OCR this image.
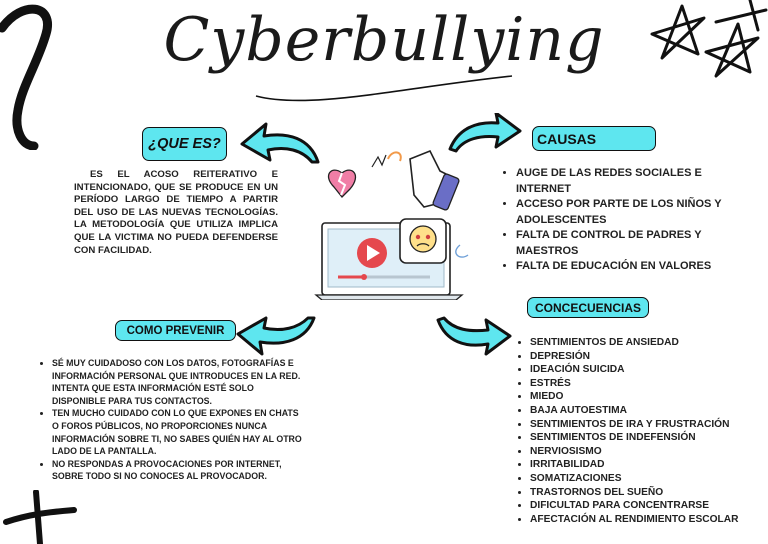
Cyberbullying
¿QUE ES?
ES EL ACOSO REITERATIVO E INTENCIONADO, QUE SE PRODUCE EN UN PERÍODO LARGO DE TIEMPO A PARTIR DEL USO DE LAS NUEVAS TECNOLOGÍAS. LA METODOLOGÍA QUE UTILIZA IMPLICA QUE LA VICTIMA NO PUEDA DEFENDERSE CON FACILIDAD.
CAUSAS
• AUGE DE LAS REDES SOCIALES E INTERNET
• ACCESO POR PARTE DE LOS NIÑOS Y ADOLESCENTES
• FALTA DE CONTROL DE PADRES Y MAESTROS
• FALTA DE EDUCACIÓN EN VALORES
COMO PREVENIR
• SÉ MUY CUIDADOSO CON LOS DATOS, FOTOGRAFÍAS E INFORMACIÓN PERSONAL QUE INTRODUCES EN LA RED. INTENTA QUE ESTA INFORMACIÓN ESTÉ SOLO DISPONIBLE PARA TUS CONTACTOS.
• TEN MUCHO CUIDADO CON LO QUE EXPONES EN CHATS O FOROS PÚBLICOS, NO PROPORCIONES NUNCA INFORMACIÓN SOBRE TI, NO SABES QUIÉN HAY AL OTRO LADO DE LA PANTALLA.
• NO RESPONDAS A PROVOCACIONES POR INTERNET, SOBRE TODO SI NO CONOCES AL PROVOCADOR.
CONCECUENCIAS
• SENTIMIENTOS DE ANSIEDAD
• DEPRESIÓN
• IDEACIÓN SUICIDA
• ESTRÉS
• MIEDO
• BAJA AUTOESTIMA
• SENTIMIENTOS DE IRA Y FRUSTRACIÓN
• SENTIMIENTOS DE INDEFENSIÓN
• NERVIOSISMO
• IRRITABILIDAD
• SOMATIZACIONES
• TRASTORNOS DEL SUEÑO
• DIFICULTAD PARA CONCENTRARSE
• AFECTACIÓN AL RENDIMIENTO ESCOLAR
